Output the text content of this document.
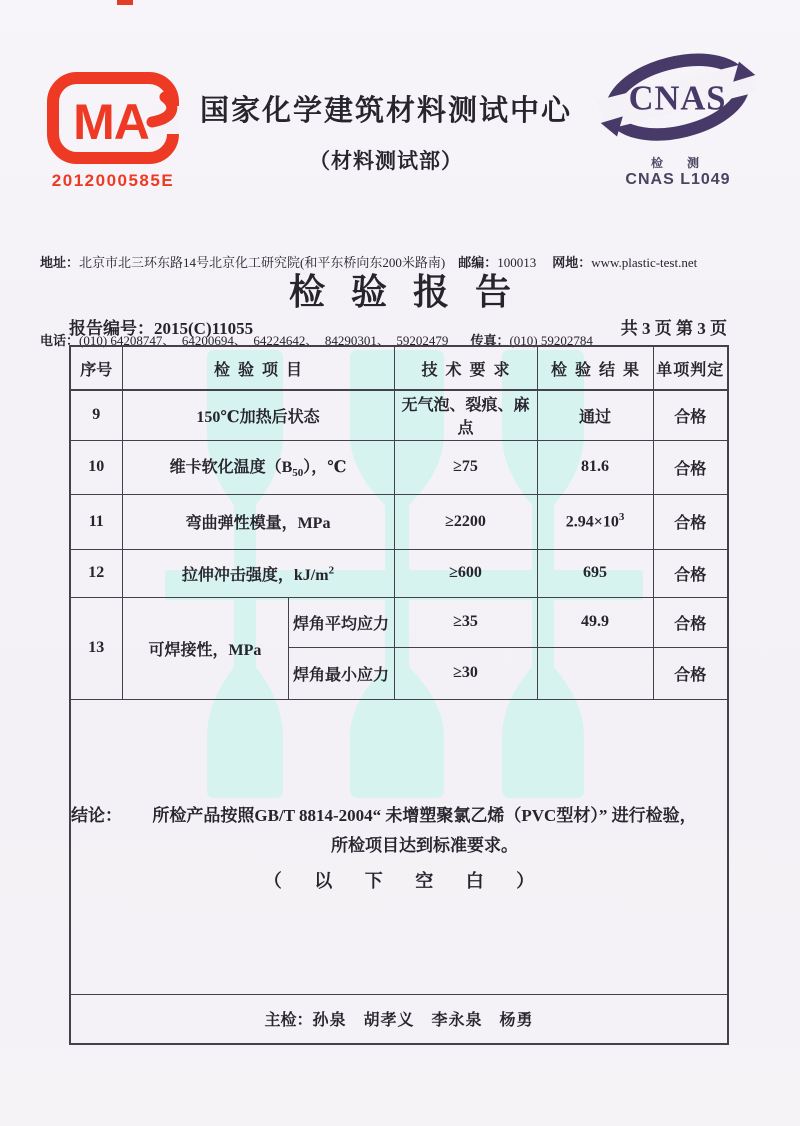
MA
2012000585E
国家化学建筑材料测试中心
（材料测试部）
CNAS
检　测
CNAS L1049

地址： 北京市北三环东路14号北京化工研究院(和平东桥向东200米路南) 邮编： 100013 网地： www.plastic-test.net

电话： (010) 64208747、  64200694、  64224642、  84290301、  59202479 传真： (010) 59202784

检验报告
报告编号：2015(C)11055	共 3 页 第 3 页
序号	检验项目		技术要求	检验结果	单项判定
9	150℃加热后状态		无气泡、裂痕、麻点	通过	合格
10	维卡软化温度$(B_{50})$，℃		≥75	81.6	合格
11	弯曲弹性模量，MPa		≥2200	$2.94\times 10^3$	合格
12	拉伸冲击强度，$kJ/m^2$		≥600	695	合格
13	可焊接性，MPa	焊角平均应力	≥35	49.9	合格
		焊角最小应力	≥30		合格

结论： 所检产品按照GB/T 8814-2004“ 未增塑聚氯乙烯（PVC型材）” 进行检验，
所检项目达到标准要求。
（ 以 下 空 白 ）					

主检：孙泉　胡孝义　李永泉　杨勇					
